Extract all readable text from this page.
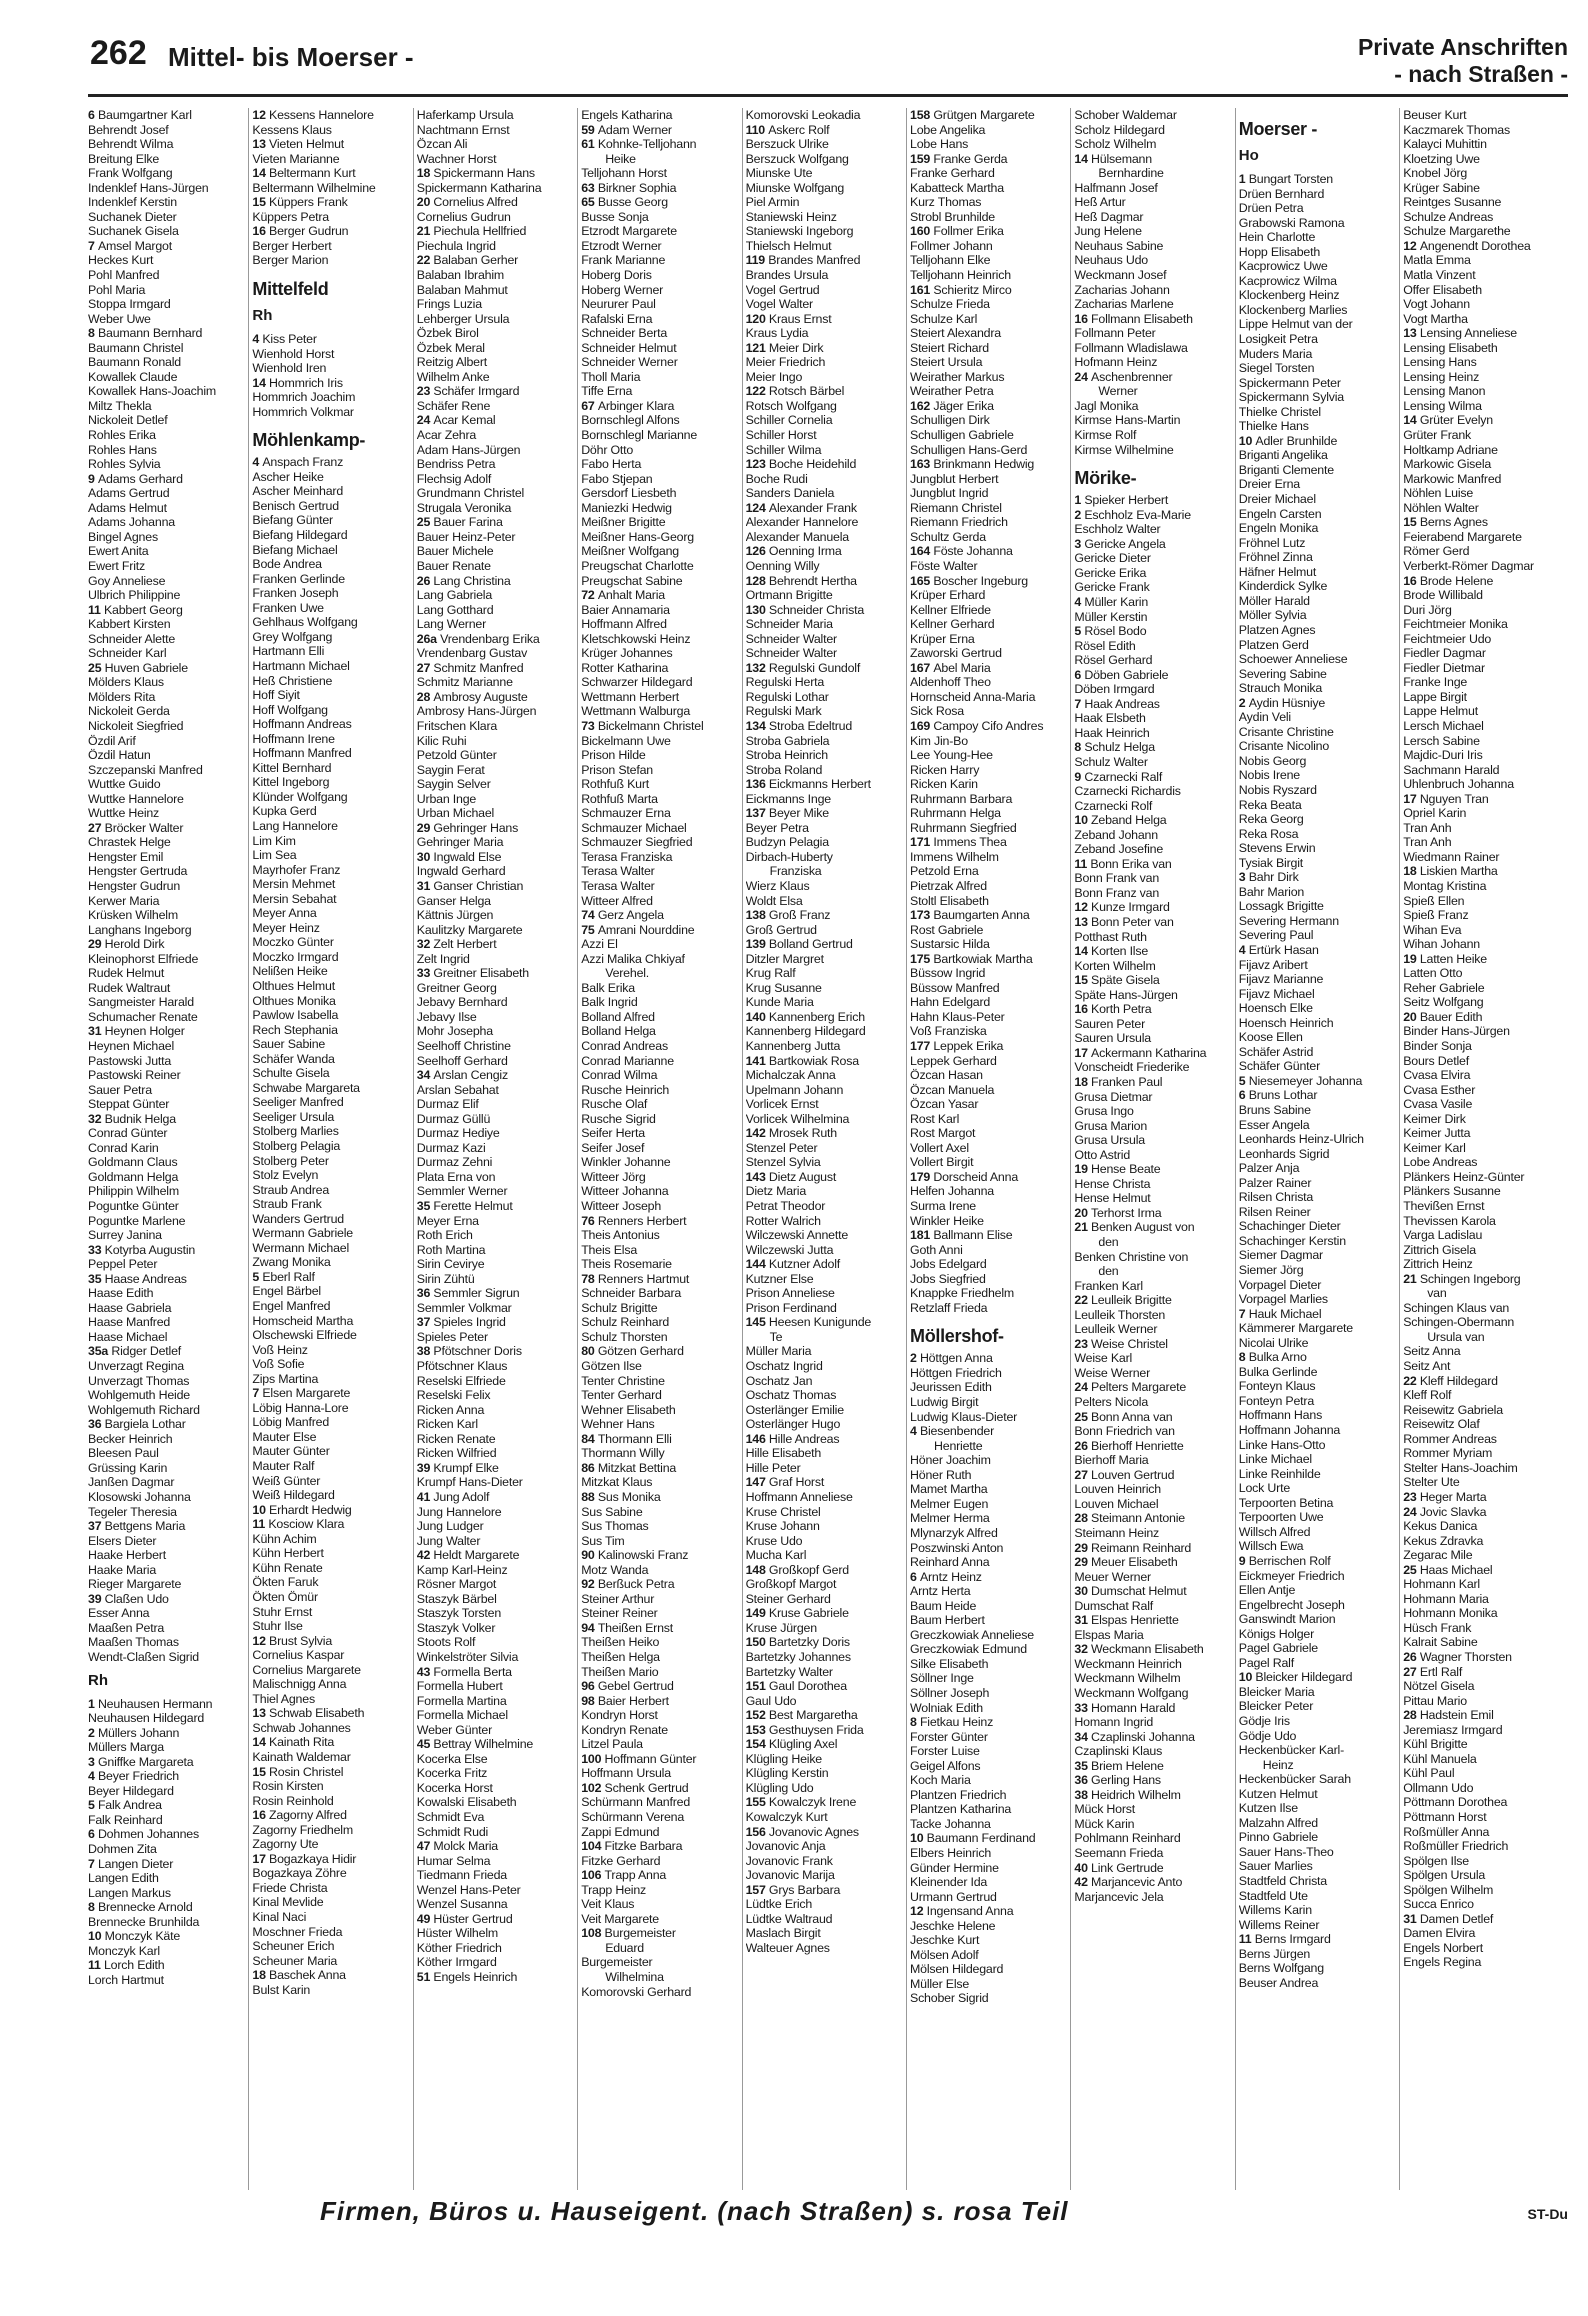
262 Mittel- bis Moerser -	Private Anschriften
- nach Straßen -
6 Baumgartner Karl
Behrendt Josef
Behrendt Wilma
Breitung Elke
Frank Wolfgang
Indenklef Hans-Jürgen
Indenklef Kerstin
Suchanek Dieter
Suchanek Gisela
7 Amsel Margot
Heckes Kurt
Pohl Manfred
Pohl Maria
Stoppa Irmgard
Weber Uwe
8 Baumann Bernhard
Baumann Christel
Baumann Ronald
Kowallek Claude
Kowallek Hans-Joachim
Miltz Thekla
Nickoleit Detlef
Rohles Erika
Rohles Hans
Rohles Sylvia
9 Adams Gerhard
Adams Gertrud
Adams Helmut
Adams Johanna
Bingel Agnes
Ewert Anita
Ewert Fritz
Goy Anneliese
Ulbrich Philippine
11 Kabbert Georg
Kabbert Kirsten
Schneider Alette
Schneider Karl
25 Huven Gabriele
Mölders Klaus
Mölders Rita
Nickoleit Gerda
Nickoleit Siegfried
Özdil Arif
Özdil Hatun
Szczepanski Manfred
Wuttke Guido
Wuttke Hannelore
Wuttke Heinz
27 Bröcker Walter
Chrastek Helge
Hengster Emil
Hengster Gertruda
Hengster Gudrun
Kerwer Maria
Krüsken Wilhelm
Langhans Ingeborg
29 Herold Dirk
Kleinophorst Elfriede
Rudek Helmut
Rudek Waltraut
Sangmeister Harald
Schumacher Renate
31 Heynen Holger
Heynen Michael
Pastowski Jutta
Pastowski Reiner
Sauer Petra
Steppat Günter
32 Budnik Helga
Conrad Günter
Conrad Karin
Goldmann Claus
Goldmann Helga
Philippin Wilhelm
Poguntke Günter
Poguntke Marlene
Surrey Janina
33 Kotyrba Augustin
Peppel Peter
35 Haase Andreas
Haase Edith
Haase Gabriela
Haase Manfred
Haase Michael
35a Ridger Detlef
Unverzagt Regina
Unverzagt Thomas
Wohlgemuth Heide
Wohlgemuth Richard
36 Bargiela Lothar
Becker Heinrich
Bleesen Paul
Grüssing Karin
Janßen Dagmar
Klosowski Johanna
Tegeler Theresia
37 Bettgens Maria
Elsers Dieter
Haake Herbert
Haake Maria
Rieger Margarete
39 Claßen Udo
Esser Anna
Maaßen Petra
Maaßen Thomas
Wendt-Claßen Sigrid
Rh
1 Neuhausen Hermann
Neuhausen Hildegard
2 Müllers Johann
Müllers Marga
3 Gniffke Margareta
4 Beyer Friedrich
Beyer Hildegard
5 Falk Andrea
Falk Reinhard
6 Dohmen Johannes
Dohmen Zita
7 Langen Dieter
Langen Edith
Langen Markus
8 Brennecke Arnold
Brennecke Brunhilda
10 Monczyk Käte
Monczyk Karl
11 Lorch Edith
Lorch Hartmut
12 Kessens Hannelore
Kessens Klaus
13 Vieten Helmut
Vieten Marianne
14 Beltermann Kurt
Beltermann Wilhelmine
15 Küppers Frank
Küppers Petra
16 Berger Gudrun
Berger Herbert
Berger Marion
Mittelfeld
Rh
4 Kiss Peter
Wienhold Horst
Wienhold Iren
14 Hommrich Iris
Hommrich Joachim
Hommrich Volkmar
Möhlenkamp-
4 Anspach Franz
Ascher Heike
Ascher Meinhard
Benisch Gertrud
Biefang Günter
Biefang Hildegard
Biefang Michael
Bode Andrea
Franken Gerlinde
Franken Joseph
Franken Uwe
Gehlhaus Wolfgang
Grey Wolfgang
Hartmann Elli
Hartmann Michael
Heß Christiene
Hoff Siyit
Hoff Wolfgang
Hoffmann Andreas
Hoffmann Irene
Hoffmann Manfred
Kittel Bernhard
Kittel Ingeborg
Klünder Wolfgang
Kupka Gerd
Lang Hannelore
Lim Kim
Lim Sea
Mayrhofer Franz
Mersin Mehmet
Mersin Sebahat
Meyer Anna
Meyer Heinz
Moczko Günter
Moczko Irmgard
Nelißen Heike
Olthues Helmut
Olthues Monika
Pawlow Isabella
Rech Stephania
Sauer Sabine
Schäfer Wanda
Schulte Gisela
Schwabe Margareta
Seeliger Manfred
Seeliger Ursula
Stolberg Marlies
Stolberg Pelagia
Stolberg Peter
Stolz Evelyn
Straub Andrea
Straub Frank
Wanders Gertrud
Wermann Gabriele
Wermann Michael
Zwang Monika
5 Eberl Ralf
Engel Bärbel
Engel Manfred
Homscheid Martha
Olschewski Elfriede
Voß Heinz
Voß Sofie
Zips Martina
7 Elsen Margarete
Löbig Hanna-Lore
Löbig Manfred
Mauter Else
Mauter Günter
Mauter Ralf
Weiß Günter
Weiß Hildegard
10 Erhardt Hedwig
11 Kosciow Klara
Kühn Achim
Kühn Herbert
Kühn Renate
Ökten Faruk
Ökten Ömür
Stuhr Ernst
Stuhr Ilse
12 Brust Sylvia
Cornelius Kaspar
Cornelius Margarete
Malischnigg Anna
Thiel Agnes
13 Schwab Elisabeth
Schwab Johannes
14 Kainath Rita
Kainath Waldemar
15 Rosin Christel
Rosin Kirsten
Rosin Reinhold
16 Zagorny Alfred
Zagorny Friedhelm
Zagorny Ute
17 Bogazkaya Hidir
Bogazkaya Zöhre
Friede Christa
Kinal Mevlide
Kinal Naci
Moschner Frieda
Scheuner Erich
Scheuner Maria
18 Baschek Anna
Bulst Karin
Haferkamp Ursula
Nachtmann Ernst
Özcan Ali
Wachner Horst
18 Spickermann Hans
Spickermann Katharina
20 Cornelius Alfred
Cornelius Gudrun
21 Piechula Hellfried
Piechula Ingrid
22 Balaban Gerher
Balaban Ibrahim
Balaban Mahmut
Frings Luzia
Lehberger Ursula
Özbek Birol
Özbek Meral
Reitzig Albert
Wilhelm Anke
23 Schäfer Irmgard
Schäfer Rene
24 Acar Kemal
Acar Zehra
Adam Hans-Jürgen
Bendriss Petra
Flechsig Adolf
Grundmann Christel
Strugala Veronika
25 Bauer Farina
Bauer Heinz-Peter
Bauer Michele
Bauer Renate
26 Lang Christina
Lang Gabriela
Lang Gotthard
Lang Werner
26a Vrendenbarg Erika
Vrendenbarg Gustav
27 Schmitz Manfred
Schmitz Marianne
28 Ambrosy Auguste
Ambrosy Hans-Jürgen
Fritschen Klara
Kilic Ruhi
Petzold Günter
Saygin Ferat
Saygin Selver
Urban Inge
Urban Michael
29 Gehringer Hans
Gehringer Maria
30 Ingwald Else
Ingwald Gerhard
31 Ganser Christian
Ganser Helga
Kättnis Jürgen
Kaulitzky Margarete
32 Zelt Herbert
Zelt Ingrid
33 Greitner Elisabeth
Greitner Georg
Jebavy Bernhard
Jebavy Ilse
Mohr Josepha
Seelhoff Christine
Seelhoff Gerhard
34 Arslan Cengiz
Arslan Sebahat
Durmaz Elif
Durmaz Güllü
Durmaz Hediye
Durmaz Kazi
Durmaz Zehni
Plata Erna von
Semmler Werner
35 Ferette Helmut
Meyer Erna
Roth Erich
Roth Martina
Sirin Cevirye
Sirin Zühtü
36 Semmler Sigrun
Semmler Volkmar
37 Spieles Ingrid
Spieles Peter
38 Pfötschner Doris
Pfötschner Klaus
Reselski Elfriede
Reselski Felix
Ricken Anna
Ricken Karl
Ricken Renate
Ricken Wilfried
39 Krumpf Elke
Krumpf Hans-Dieter
41 Jung Adolf
Jung Hannelore
Jung Ludger
Jung Walter
42 Heldt Margarete
Kamp Karl-Heinz
Rösner Margot
Staszyk Bärbel
Staszyk Torsten
Staszyk Volker
Stoots Rolf
Winkelströter Silvia
43 Formella Berta
Formella Hubert
Formella Martina
Formella Michael
Weber Günter
45 Bettray Wilhelmine
Kocerka Else
Kocerka Fritz
Kocerka Horst
Kowalski Elisabeth
Schmidt Eva
Schmidt Rudi
47 Molck Maria
Humar Selma
Tiedmann Frieda
Wenzel Hans-Peter
Wenzel Susanna
49 Hüster Gertrud
Hüster Wilhelm
Köther Friedrich
Köther Irmgard
51 Engels Heinrich
Engels Katharina
59 Adam Werner
61 Kohnke-Telljohann
Heike
Telljohann Horst
63 Birkner Sophia
65 Busse Georg
Busse Sonja
Etzrodt Margarete
Etzrodt Werner
Frank Marianne
Hoberg Doris
Hoberg Werner
Neururer Paul
Rafalski Erna
Schneider Berta
Schneider Helmut
Schneider Werner
Tholl Maria
Tiffe Erna
67 Arbinger Klara
Bornschlegl Alfons
Bornschlegl Marianne
Döhr Otto
Fabo Herta
Fabo Stjepan
Gersdorf Liesbeth
Maniezki Hedwig
Meißner Brigitte
Meißner Hans-Georg
Meißner Wolfgang
Preugschat Charlotte
Preugschat Sabine
72 Anhalt Maria
Baier Annamaria
Hoffmann Alfred
Kletschkowski Heinz
Krüger Johannes
Rotter Katharina
Schwarzer Hildegard
Wettmann Herbert
Wettmann Walburga
73 Bickelmann Christel
Bickelmann Uwe
Prison Hilde
Prison Stefan
Rothfuß Kurt
Rothfuß Marta
Schmauzer Erna
Schmauzer Michael
Schmauzer Siegfried
Terasa Franziska
Terasa Walter
Terasa Walter
Witteer Alfred
74 Gerz Angela
75 Amrani Nourddine
Azzi El
Azzi Malika Chkiyaf
Verehel.
Balk Erika
Balk Ingrid
Bolland Alfred
Bolland Helga
Conrad Andreas
Conrad Marianne
Conrad Wilma
Rusche Heinrich
Rusche Olaf
Rusche Sigrid
Seifer Herta
Seifer Josef
Winkler Johanne
Witteer Jörg
Witteer Johanna
Witteer Joseph
76 Renners Herbert
Theis Antonius
Theis Elsa
Theis Rosemarie
78 Renners Hartmut
Schneider Barbara
Schulz Brigitte
Schulz Reinhard
Schulz Thorsten
80 Götzen Gerhard
Götzen Ilse
Tenter Christine
Tenter Gerhard
Wehner Elisabeth
Wehner Hans
84 Thormann Elli
Thormann Willy
86 Mitzkat Bettina
Mitzkat Klaus
88 Sus Monika
Sus Sabine
Sus Thomas
Sus Tim
90 Kalinowski Franz
Motz Wanda
92 Berßuck Petra
Steiner Arthur
Steiner Reiner
94 Theißen Ernst
Theißen Heiko
Theißen Helga
Theißen Mario
96 Gebel Gertrud
98 Baier Herbert
Kondryn Horst
Kondryn Renate
Litzel Paula
100 Hoffmann Günter
Hoffmann Ursula
102 Schenk Gertrud
Schürmann Manfred
Schürmann Verena
Zappi Edmund
104 Fitzke Barbara
Fitzke Gerhard
106 Trapp Anna
Trapp Heinz
Veit Klaus
Veit Margarete
108 Burgemeister
Eduard
Burgemeister
Wilhelmina
Komorovski Gerhard
Komorovski Leokadia
110 Askerc Rolf
Berszuck Ulrike
Berszuck Wolfgang
Miunske Ute
Miunske Wolfgang
Piel Armin
Staniewski Heinz
Staniewski Ingeborg
Thielsch Helmut
119 Brandes Manfred
Brandes Ursula
Vogel Gertrud
Vogel Walter
120 Kraus Ernst
Kraus Lydia
121 Meier Dirk
Meier Friedrich
Meier Ingo
122 Rotsch Bärbel
Rotsch Wolfgang
Schiller Cornelia
Schiller Horst
Schiller Wilma
123 Boche Heidehild
Boche Rudi
Sanders Daniela
124 Alexander Frank
Alexander Hannelore
Alexander Manuela
126 Oenning Irma
Oenning Willy
128 Behrendt Hertha
Ortmann Brigitte
130 Schneider Christa
Schneider Maria
Schneider Walter
Schneider Walter
132 Regulski Gundolf
Regulski Herta
Regulski Lothar
Regulski Mark
134 Stroba Edeltrud
Stroba Gabriela
Stroba Heinrich
Stroba Roland
136 Eickmanns Herbert
Eickmanns Inge
137 Beyer Mike
Beyer Petra
Budzyn Pelagia
Dirbach-Huberty
Franziska
Wierz Klaus
Woldt Elsa
138 Groß Franz
Groß Gertrud
139 Bolland Gertrud
Ditzler Margret
Krug Ralf
Krug Susanne
Kunde Maria
140 Kannenberg Erich
Kannenberg Hildegard
Kannenberg Jutta
141 Bartkowiak Rosa
Michalczak Anna
Upelmann Johann
Vorlicek Ernst
Vorlicek Wilhelmina
142 Mrosek Ruth
Stenzel Peter
Stenzel Sylvia
143 Dietz August
Dietz Maria
Petrat Theodor
Rotter Walrich
Wilczewski Annette
Wilczewski Jutta
144 Kutzner Adolf
Kutzner Else
Prison Anneliese
Prison Ferdinand
145 Heesen Kunigunde
Te
Müller Maria
Oschatz Ingrid
Oschatz Jan
Oschatz Thomas
Osterlänger Emilie
Osterlänger Hugo
146 Hille Andreas
Hille Elisabeth
Hille Peter
147 Graf Horst
Hoffmann Anneliese
Kruse Christel
Kruse Johann
Kruse Udo
Mucha Karl
148 Großkopf Gerd
Großkopf Margot
Steiner Gerhard
149 Kruse Gabriele
Kruse Jürgen
150 Bartetzky Doris
Bartetzky Johannes
Bartetzky Walter
151 Gaul Dorothea
Gaul Udo
152 Best Margaretha
153 Gesthuysen Frida
154 Klügling Axel
Klügling Heike
Klügling Kerstin
Klügling Udo
155 Kowalczyk Irene
Kowalczyk Kurt
156 Jovanovic Agnes
Jovanovic Anja
Jovanovic Frank
Jovanovic Marija
157 Grys Barbara
Lüdtke Erich
Lüdtke Waltraud
Maslach Birgit
Walteuer Agnes
158 Grütgen Margarete
Lobe Angelika
Lobe Hans
159 Franke Gerda
Franke Gerhard
Kabatteck Martha
Kurz Thomas
Strobl Brunhilde
160 Follmer Erika
Follmer Johann
Telljohann Elke
Telljohann Heinrich
161 Schieritz Mirco
Schulze Frieda
Schulze Karl
Steiert Alexandra
Steiert Richard
Steiert Ursula
Weirather Markus
Weirather Petra
162 Jäger Erika
Schulligen Dirk
Schulligen Gabriele
Schulligen Hans-Gerd
163 Brinkmann Hedwig
Jungblut Herbert
Jungblut Ingrid
Riemann Christel
Riemann Friedrich
Schultz Gerda
164 Föste Johanna
Föste Walter
165 Boscher Ingeburg
Krüper Erhard
Kellner Elfriede
Kellner Gerhard
Krüper Erna
Zaworski Gertrud
167 Abel Maria
Aldenhoff Theo
Hornscheid Anna-Maria
Sick Rosa
169 Campoy Cifo Andres
Kim Jin-Bo
Lee Young-Hee
Ricken Harry
Ricken Karin
Ruhrmann Barbara
Ruhrmann Helga
Ruhrmann Siegfried
171 Immens Thea
Immens Wilhelm
Petzold Erna
Pietrzak Alfred
Stoltl Elisabeth
173 Baumgarten Anna
Rost Gabriele
Sustarsic Hilda
175 Bartkowiak Martha
Büssow Ingrid
Büssow Manfred
Hahn Edelgard
Hahn Klaus-Peter
Voß Franziska
177 Leppek Erika
Leppek Gerhard
Özcan Hasan
Özcan Manuela
Özcan Yasar
Rost Karl
Rost Margot
Vollert Axel
Vollert Birgit
179 Dorscheid Anna
Helfen Johanna
Surma Irene
Winkler Heike
181 Ballmann Elise
Goth Anni
Jobs Edelgard
Jobs Siegfried
Knappke Friedhelm
Retzlaff Frieda
Möllershof-
2 Höttgen Anna
Höttgen Friedrich
Jeurissen Edith
Ludwig Birgit
Ludwig Klaus-Dieter
4 Biesenbender
Henriette
Höner Joachim
Höner Ruth
Mamet Martha
Melmer Eugen
Melmer Herma
Mlynarzyk Alfred
Poszwinski Anton
Reinhard Anna
6 Arntz Heinz
Arntz Herta
Baum Heide
Baum Herbert
Greczkowiak Anneliese
Greczkowiak Edmund
Silke Elisabeth
Söllner Inge
Söllner Joseph
Wolniak Edith
8 Fietkau Heinz
Forster Günter
Forster Luise
Geigel Alfons
Koch Maria
Plantzen Friedrich
Plantzen Katharina
Tacke Johanna
10 Baumann Ferdinand
Elbers Heinrich
Günder Hermine
Kleinender Ida
Urmann Gertrud
12 Ingensand Anna
Jeschke Helene
Jeschke Kurt
Mölsen Adolf
Mölsen Hildegard
Müller Else
Schober Sigrid
Schober Waldemar
Scholz Hildegard
Scholz Wilhelm
14 Hülsemann
Bernhardine
Halfmann Josef
Heß Artur
Heß Dagmar
Jung Helene
Neuhaus Sabine
Neuhaus Udo
Weckmann Josef
Zacharias Johann
Zacharias Marlene
16 Follmann Elisabeth
Follmann Peter
Follmann Wladislawa
Hofmann Heinz
24 Aschenbrenner
Werner
Jagl Monika
Kirmse Hans-Martin
Kirmse Rolf
Kirmse Wilhelmine
Mörike-
1 Spieker Herbert
2 Eschholz Eva-Marie
Eschholz Walter
3 Gericke Angela
Gericke Dieter
Gericke Erika
Gericke Frank
4 Müller Karin
Müller Kerstin
5 Rösel Bodo
Rösel Edith
Rösel Gerhard
6 Döben Gabriele
Döben Irmgard
7 Haak Andreas
Haak Elsbeth
Haak Heinrich
8 Schulz Helga
Schulz Walter
9 Czarnecki Ralf
Czarnecki Richardis
Czarnecki Rolf
10 Zeband Helga
Zeband Johann
Zeband Josefine
11 Bonn Erika van
Bonn Frank van
Bonn Franz van
12 Kunze Irmgard
13 Bonn Peter van
Potthast Ruth
14 Korten Ilse
Korten Wilhelm
15 Späte Gisela
Späte Hans-Jürgen
16 Korth Petra
Sauren Peter
Sauren Ursula
17 Ackermann Katharina
Vonscheidt Friederike
18 Franken Paul
Grusa Dietmar
Grusa Ingo
Grusa Marion
Grusa Ursula
Otto Astrid
19 Hense Beate
Hense Christa
Hense Helmut
20 Terhorst Irma
21 Benken August von
den
Benken Christine von
den
Franken Karl
22 Leulleik Brigitte
Leulleik Thorsten
Leulleik Werner
23 Weise Christel
Weise Karl
Weise Werner
24 Pelters Margarete
Pelters Nicola
25 Bonn Anna van
Bonn Friedrich van
26 Bierhoff Henriette
Bierhoff Maria
27 Louven Gertrud
Louven Heinrich
Louven Michael
28 Steimann Antonie
Steimann Heinz
29 Reimann Reinhard
29 Meuer Elisabeth
Meuer Werner
30 Dumschat Helmut
Dumschat Ralf
31 Elspas Henriette
Elspas Maria
32 Weckmann Elisabeth
Weckmann Heinrich
Weckmann Wilhelm
Weckmann Wolfgang
33 Homann Harald
Homann Ingrid
34 Czaplinski Johanna
Czaplinski Klaus
35 Briem Helene
36 Gerling Hans
38 Heidrich Wilhelm
Mück Horst
Mück Karin
Pohlmann Reinhard
Seemann Frieda
40 Link Gertrude
42 Marjancevic Anto
Marjancevic Jela
Moerser -
Ho
1 Bungart Torsten
Drüen Bernhard
Drüen Petra
Grabowski Ramona
Hein Charlotte
Hopp Elisabeth
Kacprowicz Uwe
Kacprowicz Wilma
Klockenberg Heinz
Klockenberg Marlies
Lippe Helmut van der
Losigkeit Petra
Muders Maria
Siegel Torsten
Spickermann Peter
Spickermann Sylvia
Thielke Christel
Thielke Hans
10 Adler Brunhilde
Briganti Angelika
Briganti Clemente
Dreier Erna
Dreier Michael
Engeln Carsten
Engeln Monika
Fröhnel Lutz
Fröhnel Zinna
Häfner Helmut
Kinderdick Sylke
Möller Harald
Möller Sylvia
Platzen Agnes
Platzen Gerd
Schoewer Anneliese
Severing Sabine
Strauch Monika
2 Aydin Hüsniye
Aydin Veli
Crisante Christine
Crisante Nicolino
Nobis Georg
Nobis Irene
Nobis Ryszard
Reka Beata
Reka Georg
Reka Rosa
Stevens Erwin
Tysiak Birgit
3 Bahr Dirk
Bahr Marion
Lossagk Brigitte
Severing Hermann
Severing Paul
4 Ertürk Hasan
Fijavz Aribert
Fijavz Marianne
Fijavz Michael
Hoensch Elke
Hoensch Heinrich
Koose Ellen
Schäfer Astrid
Schäfer Günter
5 Niesemeyer Johanna
6 Bruns Lothar
Bruns Sabine
Esser Angela
Leonhards Heinz-Ulrich
Leonhards Sigrid
Palzer Anja
Palzer Rainer
Rilsen Christa
Rilsen Reiner
Schachinger Dieter
Schachinger Kerstin
Siemer Dagmar
Siemer Jörg
Vorpagel Dieter
Vorpagel Marlies
7 Hauk Michael
Kämmerer Margarete
Nicolai Ulrike
8 Bulka Arno
Bulka Gerlinde
Fonteyn Klaus
Fonteyn Petra
Hoffmann Hans
Hoffmann Johanna
Linke Hans-Otto
Linke Michael
Linke Reinhilde
Lock Urte
Terpoorten Betina
Terpoorten Uwe
Willsch Alfred
Willsch Ewa
9 Berrischen Rolf
Eickmeyer Friedrich
Ellen Antje
Engelbrecht Joseph
Ganswindt Marion
Königs Holger
Pagel Gabriele
Pagel Ralf
10 Bleicker Hildegard
Bleicker Maria
Bleicker Peter
Gödje Iris
Gödje Udo
Heckenbücker Karl-
Heinz
Heckenbücker Sarah
Kutzen Helmut
Kutzen Ilse
Malzahn Alfred
Pinno Gabriele
Sauer Hans-Theo
Sauer Marlies
Stadtfeld Christa
Stadtfeld Ute
Willems Karin
Willems Reiner
11 Berns Irmgard
Berns Jürgen
Berns Wolfgang
Beuser Andrea
Beuser Kurt
Kaczmarek Thomas
Kalayci Muhittin
Kloetzing Uwe
Knobel Jörg
Krüger Sabine
Reintges Susanne
Schulze Andreas
Schulze Margarethe
12 Angenendt Dorothea
Matla Emma
Matla Vinzent
Offer Elisabeth
Vogt Johann
Vogt Martha
13 Lensing Anneliese
Lensing Elisabeth
Lensing Hans
Lensing Heinz
Lensing Manon
Lensing Wilma
14 Grüter Evelyn
Grüter Frank
Holtkamp Adriane
Markowic Gisela
Markowic Manfred
Nöhlen Luise
Nöhlen Walter
15 Berns Agnes
Feierabend Margarete
Römer Gerd
Verberkt-Römer Dagmar
16 Brode Helene
Brode Willibald
Duri Jörg
Feichtmeier Monika
Feichtmeier Udo
Fiedler Dagmar
Fiedler Dietmar
Franke Inge
Lappe Birgit
Lappe Helmut
Lersch Michael
Lersch Sabine
Majdic-Duri Iris
Sachmann Harald
Uhlenbruch Johanna
17 Nguyen Tran
Opriel Karin
Tran Anh
Tran Anh
Wiedmann Rainer
18 Liskien Martha
Montag Kristina
Spieß Ellen
Spieß Franz
Wihan Eva
Wihan Johann
19 Latten Heike
Latten Otto
Reher Gabriele
Seitz Wolfgang
20 Bauer Edith
Binder Hans-Jürgen
Binder Sonja
Bours Detlef
Cvasa Elvira
Cvasa Esther
Cvasa Vasile
Keimer Dirk
Keimer Jutta
Keimer Karl
Lobe Andreas
Plänkers Heinz-Günter
Plänkers Susanne
Thevißen Ernst
Thevissen Karola
Varga Ladislau
Zittrich Gisela
Zittrich Heinz
21 Schingen Ingeborg
van
Schingen Klaus van
Schingen-Obermann
Ursula van
Seitz Anna
Seitz Ant
22 Kleff Hildegard
Kleff Rolf
Reisewitz Gabriela
Reisewitz Olaf
Rommer Andreas
Rommer Myriam
Stelter Hans-Joachim
Stelter Ute
23 Heger Marta
24 Jovic Slavka
Kekus Danica
Kekus Zdravka
Zegarac Mile
25 Haas Michael
Hohmann Karl
Hohmann Maria
Hohmann Monika
Hüsch Frank
Kalrait Sabine
26 Wagner Thorsten
27 Ertl Ralf
Nötzel Gisela
Pittau Mario
28 Hadstein Emil
Jeremiasz Irmgard
Kühl Brigitte
Kühl Manuela
Kühl Paul
Ollmann Udo
Pöttmann Dorothea
Pöttmann Horst
Roßmüller Anna
Roßmüller Friedrich
Spölgen Ilse
Spölgen Ursula
Spölgen Wilhelm
Succa Enrico
31 Damen Detlef
Damen Elvira
Engels Norbert
Engels Regina
Firmen, Büros u. Hauseigent. (nach Straßen) s. rosa Teil	ST-Du
